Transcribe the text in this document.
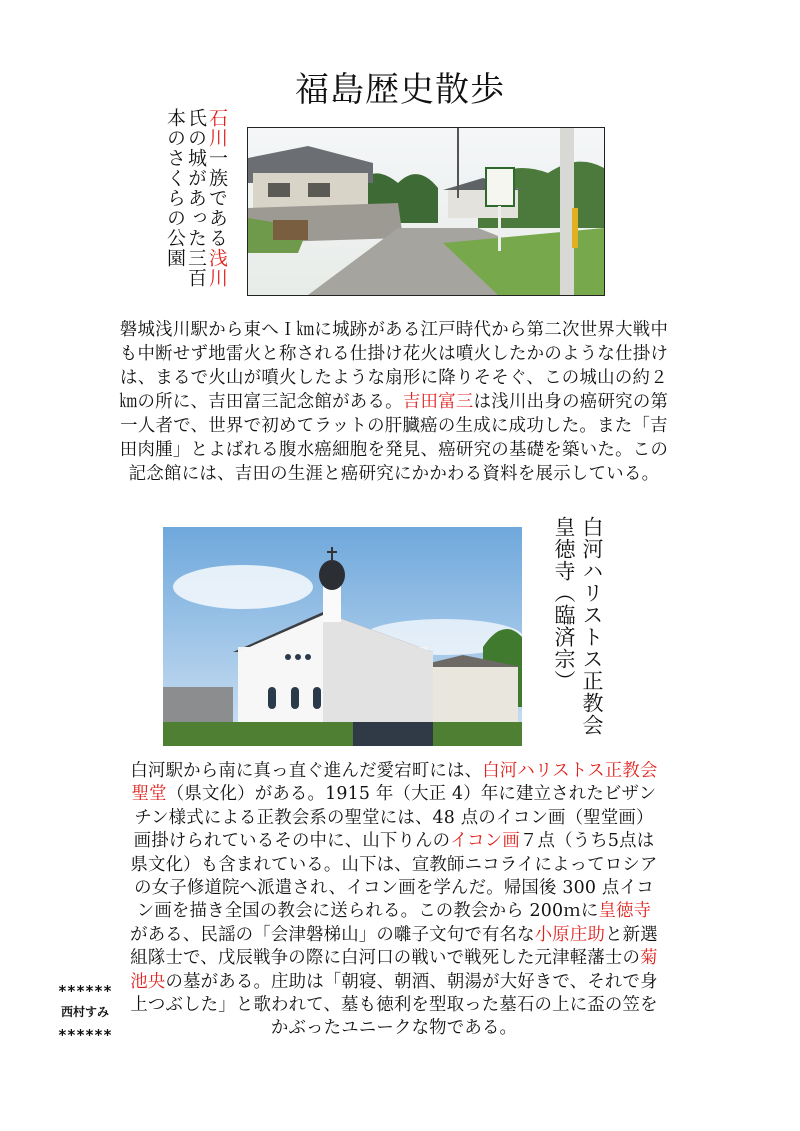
福島歴史散歩
石川一族である浅川氏の城があった三百本のさくらの公園
磐城浅川駅から東へＩ㎞に城跡がある江戸時代から第二次世界大戦中も中断せず地雷火と称される仕掛け花火は噴火したかのような仕掛けは、まるで火山が噴火したような扇形に降りそそぐ、この城山の約２㎞の所に、吉田富三記念館がある。吉田富三は浅川出身の癌研究の第一人者で、世界で初めてラットの肝臓癌の生成に成功した。また「吉田肉腫」とよばれる腹水癌細胞を発見、癌研究の基礎を築いた。この記念館には、吉田の生涯と癌研究にかかわる資料を展示している。
白河ハリストス正教会
皇徳寺（臨済宗）
白河駅から南に真っ直ぐ進んだ愛宕町には、白河ハリストス正教会聖堂（県文化）がある。1915 年（大正 4）年に建立されたビザンチン様式による正教会系の聖堂には、48 点のイコン画（聖堂画）画掛けられているその中に、山下りんのイコン画７点（うち5点は県文化）も含まれている。山下は、宣教師ニコライによってロシアの女子修道院へ派遣され、イコン画を学んだ。帰国後 300 点イコン画を描き全国の教会に送られる。この教会から 200ｍに皇徳寺がある、民謡の「会津磐梯山」の囃子文句で有名な小原庄助と新選組隊士で、戊辰戦争の際に白河口の戦いで戦死した元津軽藩士の菊池央の墓がある。庄助は「朝寝、朝酒、朝湯が大好きで、それで身上つぶした」と歌われて、墓も徳利を型取った墓石の上に盃の笠をかぶったユニークな物である。
******
西村すみ
******
